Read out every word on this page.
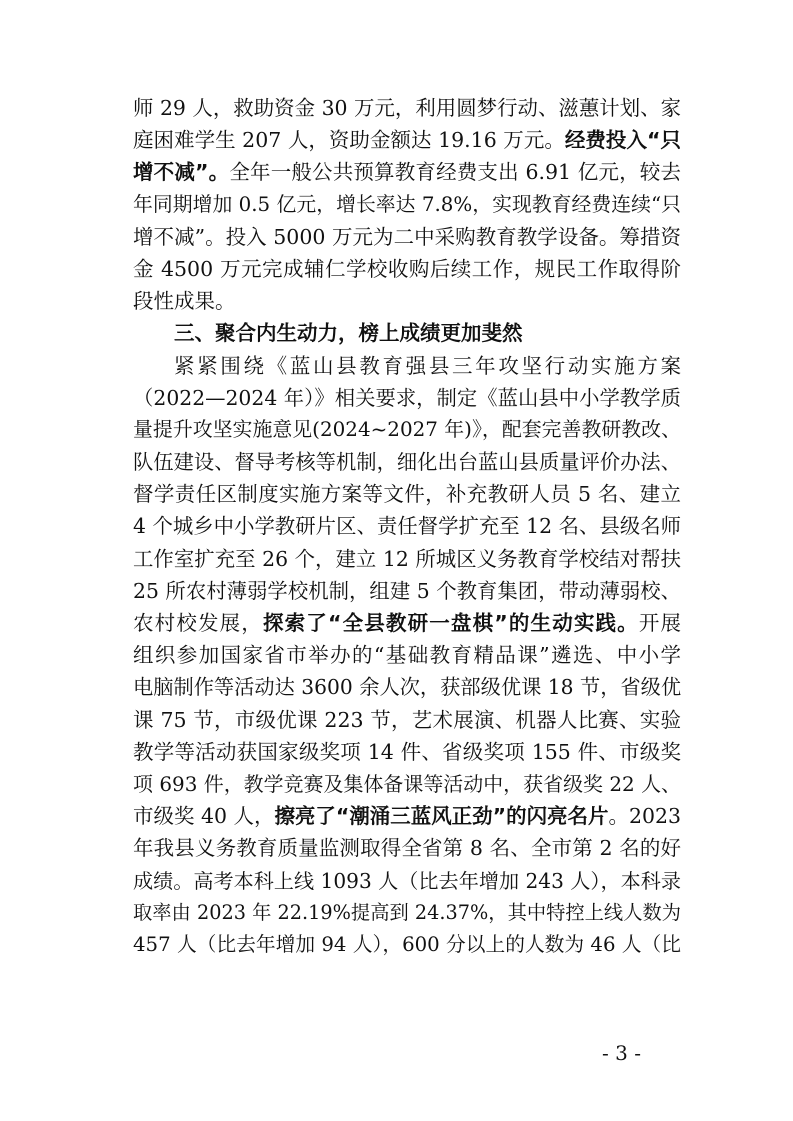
师 29 人，救助资金 30 万元，利用圆梦行动、滋蕙计划、家
庭困难学生 207 人，资助金额达 19.16 万元。经费投入“只
增不减”。全年一般公共预算教育经费支出 6.91 亿元，较去
年同期增加 0.5 亿元，增长率达 7.8%，实现教育经费连续“只
增不减”。投入 5000 万元为二中采购教育教学设备。筹措资
金 4500 万元完成辅仁学校收购后续工作，规民工作取得阶
段性成果。
三、聚合内生动力，榜上成绩更加斐然
紧紧围绕《蓝山县教育强县三年攻坚行动实施方案
（2022—2024 年）》相关要求，制定《蓝山县中小学教学质
量提升攻坚实施意见(2024~2027 年)》，配套完善教研教改、
队伍建设、督导考核等机制，细化出台蓝山县质量评价办法、
督学责任区制度实施方案等文件，补充教研人员 5 名、建立
4 个城乡中小学教研片区、责任督学扩充至 12 名、县级名师
工作室扩充至 26 个，建立 12 所城区义务教育学校结对帮扶
25 所农村薄弱学校机制，组建 5 个教育集团，带动薄弱校、
农村校发展，探索了“全县教研一盘棋”的生动实践。开展
组织参加国家省市举办的“基础教育精品课”遴选、中小学
电脑制作等活动达 3600 余人次，获部级优课 18 节，省级优
课 75 节，市级优课 223 节，艺术展演、机器人比赛、实验
教学等活动获国家级奖项 14 件、省级奖项 155 件、市级奖
项 693 件，教学竞赛及集体备课等活动中，获省级奖 22 人、
市级奖 40 人，擦亮了“潮涌三蓝风正劲”的闪亮名片。2023
年我县义务教育质量监测取得全省第 8 名、全市第 2 名的好
成绩。高考本科上线 1093 人（比去年增加 243 人），本科录
取率由 2023 年 22.19%提高到 24.37%，其中特控上线人数为
457 人（比去年增加 94 人），600 分以上的人数为 46 人（比
- 3 -
